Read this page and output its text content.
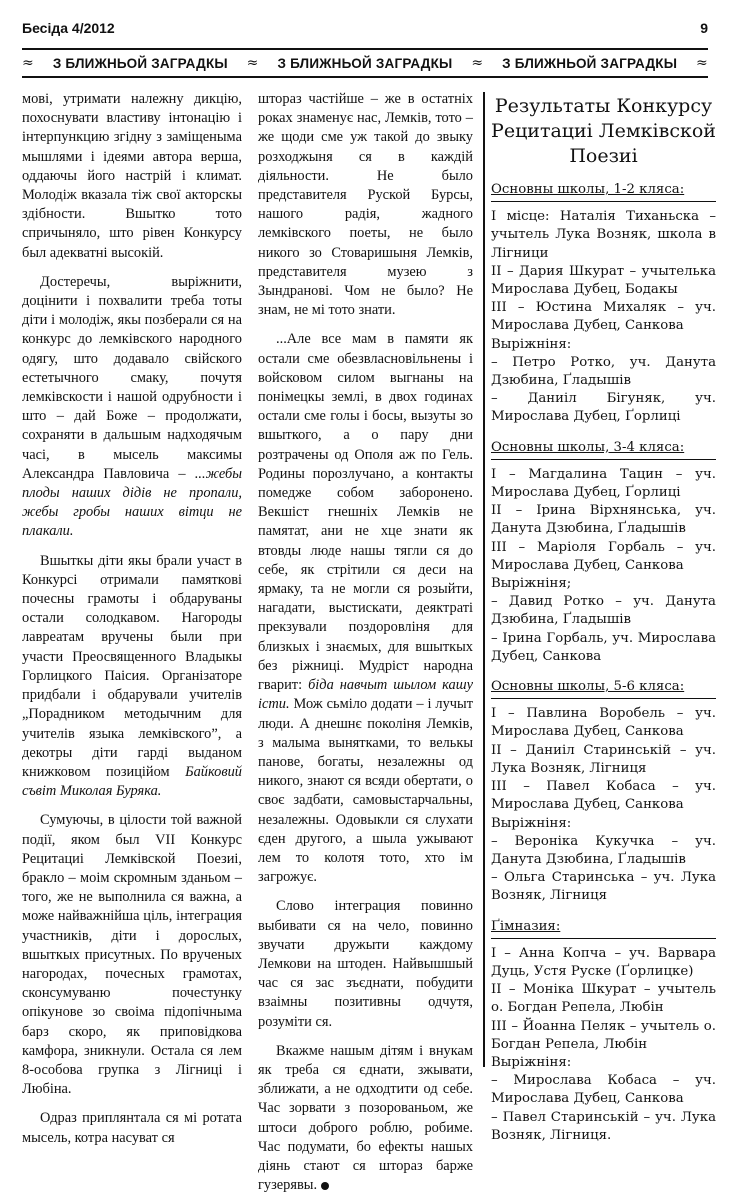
Бесіда 4/2012	9
≈ З БЛИЖНЬОЙ ЗАГРАДКЫ ≈ З БЛИЖНЬОЙ ЗАГРАДКЫ ≈ З БЛИЖНЬОЙ ЗАГРАДКЫ ≈

мові, утримати належну дикцію, похоснувати властиву інтонацію і інтерпункцию згідну з заміщенымa мышлями і ідеями автора вершa, оддаючы його настрій і климат. Молодіж вказала тіж свої акторскы здібности. Вшытко тото спричыняло, што рівен Конкурсу был адекватні высокій.

Достеречы, выріжнити, доцінити і похвалити треба тоты діти і молодіж, якы позберали ся на конкурс до лемківского народного одягу, што додавало свійского естетычного смаку, почутя лемківскости і нашой одрубности і што – дай Боже – продолжати, сохраняти в дальшым надходячым часі, в мысель максимы Александра Павловича – ...жебы плоды наших дідів не пропали, жебы гробы наших вітци не плакали.

Вшыткы діти якы брали участ в Конкурсі отримали памяткові почесны грамоты і обдаруваны остали солодкавом. Нагороды лавреатам вручены были при участи Преосвященного Владыкы Горлицкого Паісия. Організаторе придбали і обдарували учителів „Порадником методычним для учителів языка лемківского”, а декотры діти гарді выданом книжковом позиційом Байковий съвіт Миколая Буряка.

Сумуючы, в цілости той важной події, яком был VII Конкурс Рецитациі Лемківской Поезиі, бракло – моім скромным зданьом – того, же не выполнила ся важна, а може найважнійша ціль, інтеграция участників, діти і дорослых, вшыткых присутных. По врученых нагородах, почесных грамотах, сконсумуваню почестунку опікунове зо своіма підопічныма барз скоро, як приповідкова камфора, зникнули. Остала ся лем 8-особова групка з Лігниці і Любіна.

Одраз приплянтала ся мі ротата мысель, котра насуват ся

штораз частійше – же в остатніх роках знаменує нас, Лемків, тото – же щоди сме уж такой до звыку розходжыня ся в каждій діяльности. Не было представителя Руской Бурсы, нашого радія, жадного лемківского поеты, не было никого зо Стоваришыня Лемків, представителя музею з Зындранові. Чом не было? Не знам, не мі тото знати.

...Але все мам в памяти як остали сме обезвласновільнены і вoйсковом силом выгнаны на понімецкы землі, в двох годинах остали сме голы і босы, вызуты зо вшыткого, а о пару дни розтрачены од Ополя аж по Гель. Родины порозлучано, а контакты помедже собом заборонено. Векшіст гнешніх Лемків не памятат, ани не хце знати як втовды люде нашы тягли ся до себе, як стрітили ся деси на ярмаку, та не могли ся розыйти, нагадати, выстискати, деяктраті прекзували поздоровліня для близкых і знаємых, для вшыткых без ріжниці. Мудріст народна гварит: біда навчыт шылом кашу істи. Мож сьміло додати – і лучыт люди. А днешнє поколіня Лемків, з малыма вынятками, то велькы панове, богаты, незалежны од никого, знают ся всяди обертати, о своє задбати, самовыстарчальны, незалежны. Одовыкли ся слухати єден другого, а шыла ужывают лем то колотя тото, хто ім загрожує.

Слово інтеграция повинно выбивати ся на чело, повинно звучати дружыти каждому Лемкови на штоден. Найвышшый час ся зас зъєднати, побудити взаімны позитивны одчутя, розуміти ся.

Вкажме нашым дітям і внукам як треба ся єднати, зжывати, зближати, а не одходтити од себе. Час зорвати з позорованьом, же штоси доброго роблю, робиме. Час подумати, бо ефекты нашых діянь стают ся штораз барже гузерявы.

Результаты Конкурсу Рецитациі Лемківской Поезиі
Основны школы, 1-2 кляса:
І місце: Наталія Тиханьска – учытель Лука Возняк, школа в Лігници
ІІ – Дария Шкурат – учытелька Мирослава Дубец, Бодакы
ІІІ – Юстина Михаляк – уч. Мирослава Дубец, Санкова
Выріжніня:
– Петро Ротко, уч. Данута Дзюбина, Ґладышів
– Даниіл Бігуняк, уч. Мирослава Дубец, Ґорлиці
Основны школы, 3-4 кляса:
І – Магдалина Тацин – уч. Мирослава Дубец, Ґорлиці
ІІ – Ірина Вірхнянська, уч. Данута Дзюбина, Ґладышів
ІІІ – Маріоля Горбаль – уч. Мирослава Дубец, Санкова
Выріжніня;
– Давид Ротко – уч. Данута Дзюбина, Ґладышів
– Ірина Горбаль, уч. Мирослава Дубец, Санкова
Основны школы, 5-6 кляса:
І – Павлина Воробель – уч. Мирослава Дубец, Санкова
ІІ – Даниіл Старинській – уч. Лука Возняк, Лігниця
ІІІ – Павел Кобаса – уч. Мирослава Дубец, Санкова
Выріжніня:
– Вероніка Кукучка – уч. Данута Дзюбина, Ґладышів
– Ольга Старинська – уч. Лука Возняк, Лігниця
Ґімназия:
І – Анна Копча – уч. Варвара Дуць, Устя Руске (Ґорлицке)
ІІ – Моніка Шкурат – учытель о. Богдан Репела, Любін
ІІІ – Йоанна Пеляк – учытель о. Богдан Репела, Любін
Выріжніня:
– Мирослава Кобаса – уч. Мирослава Дубец, Санкова
– Павел Старинській – уч. Лука Возняк, Лігниця.
